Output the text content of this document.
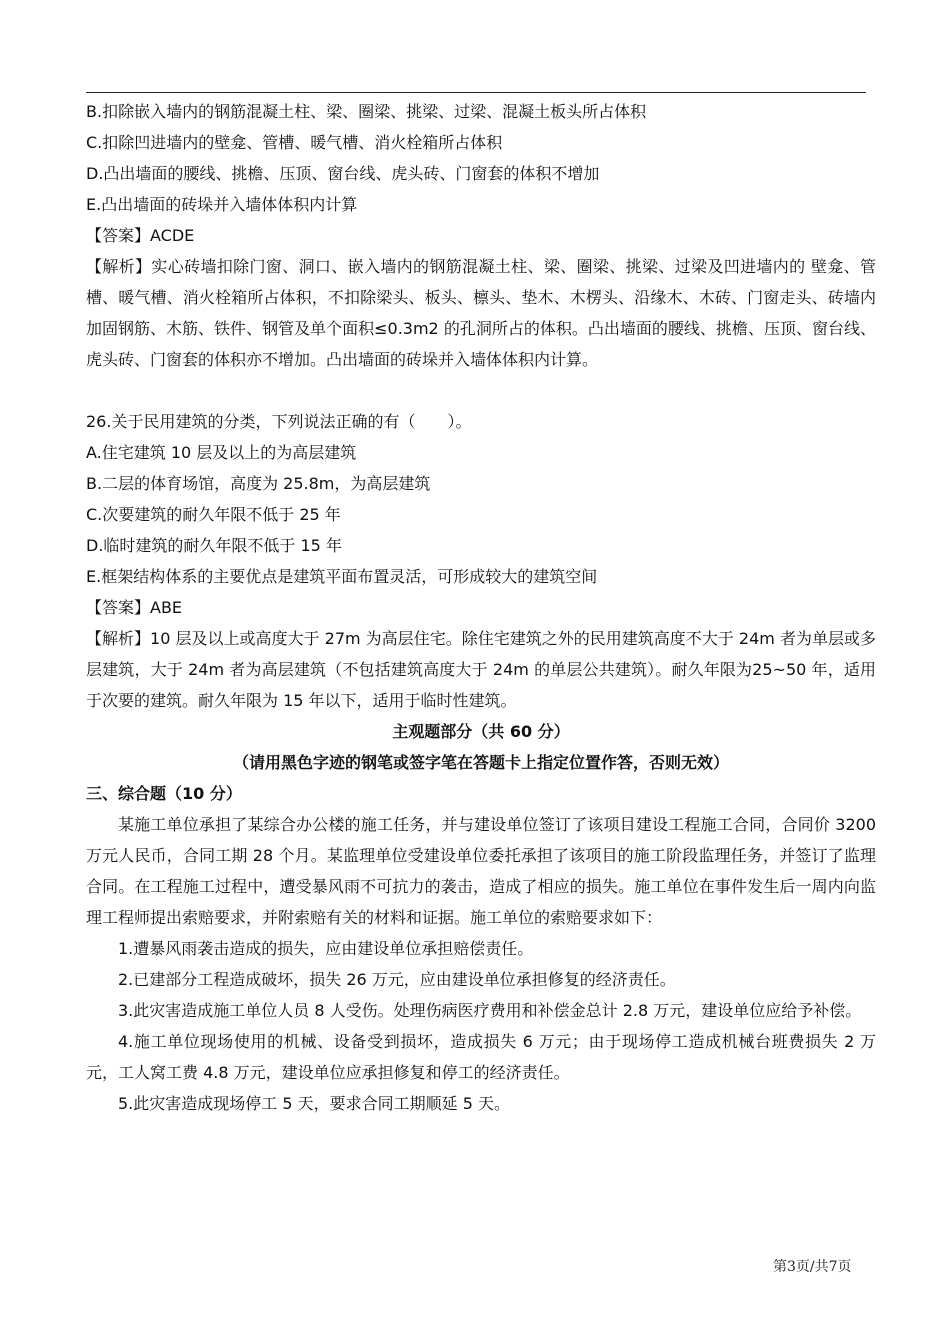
B.扣除嵌入墙内的钢筋混凝土柱、梁、圈梁、挑梁、过梁、混凝土板头所占体积

C.扣除凹进墙内的壁龛、管槽、暖气槽、消火栓箱所占体积

D.凸出墙面的腰线、挑檐、压顶、窗台线、虎头砖、门窗套的体积不增加

E.凸出墙面的砖垛并入墙体体积内计算

【答案】ACDE

【解析】实心砖墙扣除门窗、洞口、嵌入墙内的钢筋混凝土柱、梁、圈梁、挑梁、过梁及凹进墙内的 壁龛、管槽、暖气槽、消火栓箱所占体积，不扣除梁头、板头、檩头、垫木、木楞头、沿缘木、木砖、门窗走头、砖墙内加固钢筋、木筋、铁件、钢管及单个面积≤0.3m2 的孔洞所占的体积。凸出墙面的腰线、挑檐、压顶、窗台线、虎头砖、门窗套的体积亦不增加。凸出墙面的砖垛并入墙体体积内计算。

26.关于民用建筑的分类，下列说法正确的有（　　）。

A.住宅建筑 10 层及以上的为高层建筑

B.二层的体育场馆，高度为 25.8m，为高层建筑

C.次要建筑的耐久年限不低于 25 年

D.临时建筑的耐久年限不低于 15 年

E.框架结构体系的主要优点是建筑平面布置灵活，可形成较大的建筑空间

【答案】ABE

【解析】10 层及以上或高度大于 27m 为高层住宅。除住宅建筑之外的民用建筑高度不大于 24m 者为单层或多层建筑，大于 24m 者为高层建筑（不包括建筑高度大于 24m 的单层公共建筑）。耐久年限为25~50 年，适用于次要的建筑。耐久年限为 15 年以下，适用于临时性建筑。

主观题部分（共 60 分）

（请用黑色字迹的钢笔或签字笔在答题卡上指定位置作答，否则无效）

三、综合题（10 分）

某施工单位承担了某综合办公楼的施工任务，并与建设单位签订了该项目建设工程施工合同，合同价 3200 万元人民币，合同工期 28 个月。某监理单位受建设单位委托承担了该项目的施工阶段监理任务，并签订了监理合同。在工程施工过程中，遭受暴风雨不可抗力的袭击，造成了相应的损失。施工单位在事件发生后一周内向监理工程师提出索赔要求，并附索赔有关的材料和证据。施工单位的索赔要求如下：

1.遭暴风雨袭击造成的损失，应由建设单位承担赔偿责任。

2.已建部分工程造成破坏，损失 26 万元，应由建设单位承担修复的经济责任。

3.此灾害造成施工单位人员 8 人受伤。处理伤病医疗费用和补偿金总计 2.8 万元，建设单位应给予补偿。

4.施工单位现场使用的机械、设备受到损坏，造成损失 6 万元；由于现场停工造成机械台班费损失 2 万元，工人窝工费 4.8 万元，建设单位应承担修复和停工的经济责任。

5.此灾害造成现场停工 5 天，要求合同工期顺延 5 天。

第3页/共7页
